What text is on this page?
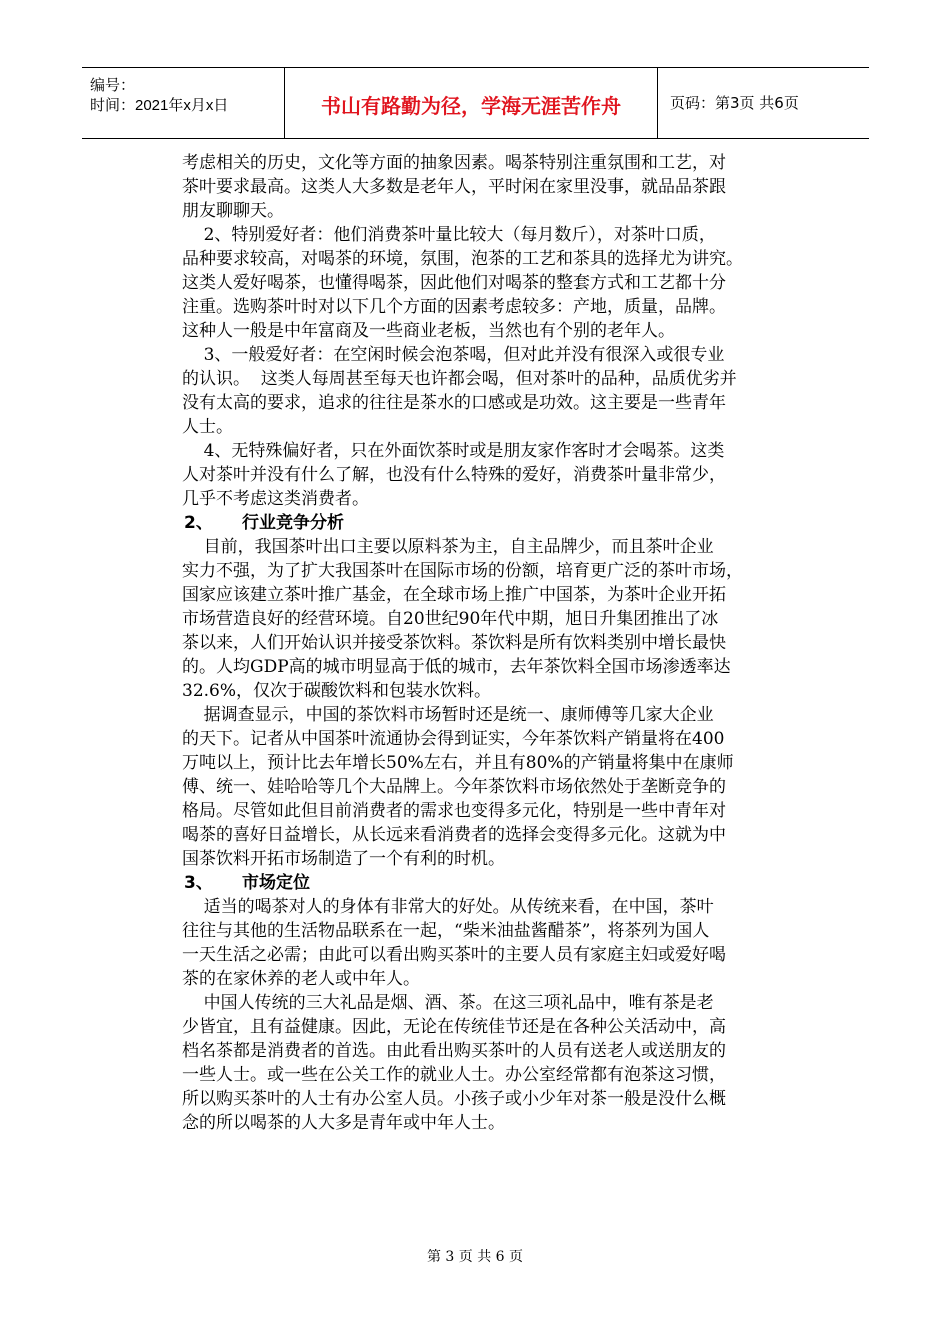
编号：
时间：2021年x月x日	书山有路勤为径，学海无涯苦作舟	页码：第3页 共6页
考虑相关的历史，文化等方面的抽象因素。喝茶特别注重氛围和工艺，对
茶叶要求最高。这类人大多数是老年人，平时闲在家里没事，就品品茶跟
朋友聊聊天。
2、特别爱好者：他们消费茶叶量比较大（每月数斤），对茶叶口质，
品种要求较高，对喝茶的环境，氛围，泡茶的工艺和茶具的选择尤为讲究。
这类人爱好喝茶，也懂得喝茶，因此他们对喝茶的整套方式和工艺都十分
注重。选购茶叶时对以下几个方面的因素考虑较多：产地，质量，品牌。
这种人一般是中年富商及一些商业老板，当然也有个别的老年人。
3、一般爱好者：在空闲时候会泡茶喝，但对此并没有很深入或很专业
的认识。  这类人每周甚至每天也许都会喝，但对茶叶的品种，品质优劣并
没有太高的要求，追求的往往是茶水的口感或是功效。这主要是一些青年
人士。
4、无特殊偏好者，只在外面饮茶时或是朋友家作客时才会喝茶。这类
人对茶叶并没有什么了解，也没有什么特殊的爱好，消费茶叶量非常少，
几乎不考虑这类消费者。
2、 行业竞争分析
目前，我国茶叶出口主要以原料茶为主，自主品牌少，而且茶叶企业
实力不强，为了扩大我国茶叶在国际市场的份额，培育更广泛的茶叶市场，
国家应该建立茶叶推广基金，在全球市场上推广中国茶，为茶叶企业开拓
市场营造良好的经营环境。自20世纪90年代中期，旭日升集团推出了冰
茶以来，人们开始认识并接受茶饮料。茶饮料是所有饮料类别中增长最快
的。人均GDP高的城市明显高于低的城市，去年茶饮料全国市场渗透率达
32.6%，仅次于碳酸饮料和包装水饮料。
据调查显示，中国的茶饮料市场暂时还是统一、康师傅等几家大企业
的天下。记者从中国茶叶流通协会得到证实，今年茶饮料产销量将在400
万吨以上，预计比去年增长50%左右，并且有80%的产销量将集中在康师
傅、统一、娃哈哈等几个大品牌上。今年茶饮料市场依然处于垄断竞争的
格局。尽管如此但目前消费者的需求也变得多元化，特别是一些中青年对
喝茶的喜好日益增长，从长远来看消费者的选择会变得多元化。这就为中
国茶饮料开拓市场制造了一个有利的时机。
3、 市场定位
适当的喝茶对人的身体有非常大的好处。从传统来看，在中国，茶叶
往往与其他的生活物品联系在一起，“柴米油盐酱醋茶”，将茶列为国人
一天生活之必需；由此可以看出购买茶叶的主要人员有家庭主妇或爱好喝
茶的在家休养的老人或中年人。
中国人传统的三大礼品是烟、酒、茶。在这三项礼品中，唯有茶是老
少皆宜，且有益健康。因此，无论在传统佳节还是在各种公关活动中，高
档名茶都是消费者的首选。由此看出购买茶叶的人员有送老人或送朋友的
一些人士。或一些在公关工作的就业人士。办公室经常都有泡茶这习惯，
所以购买茶叶的人士有办公室人员。小孩子或小少年对茶一般是没什么概
念的所以喝茶的人大多是青年或中年人士。
第 3 页 共 6 页
